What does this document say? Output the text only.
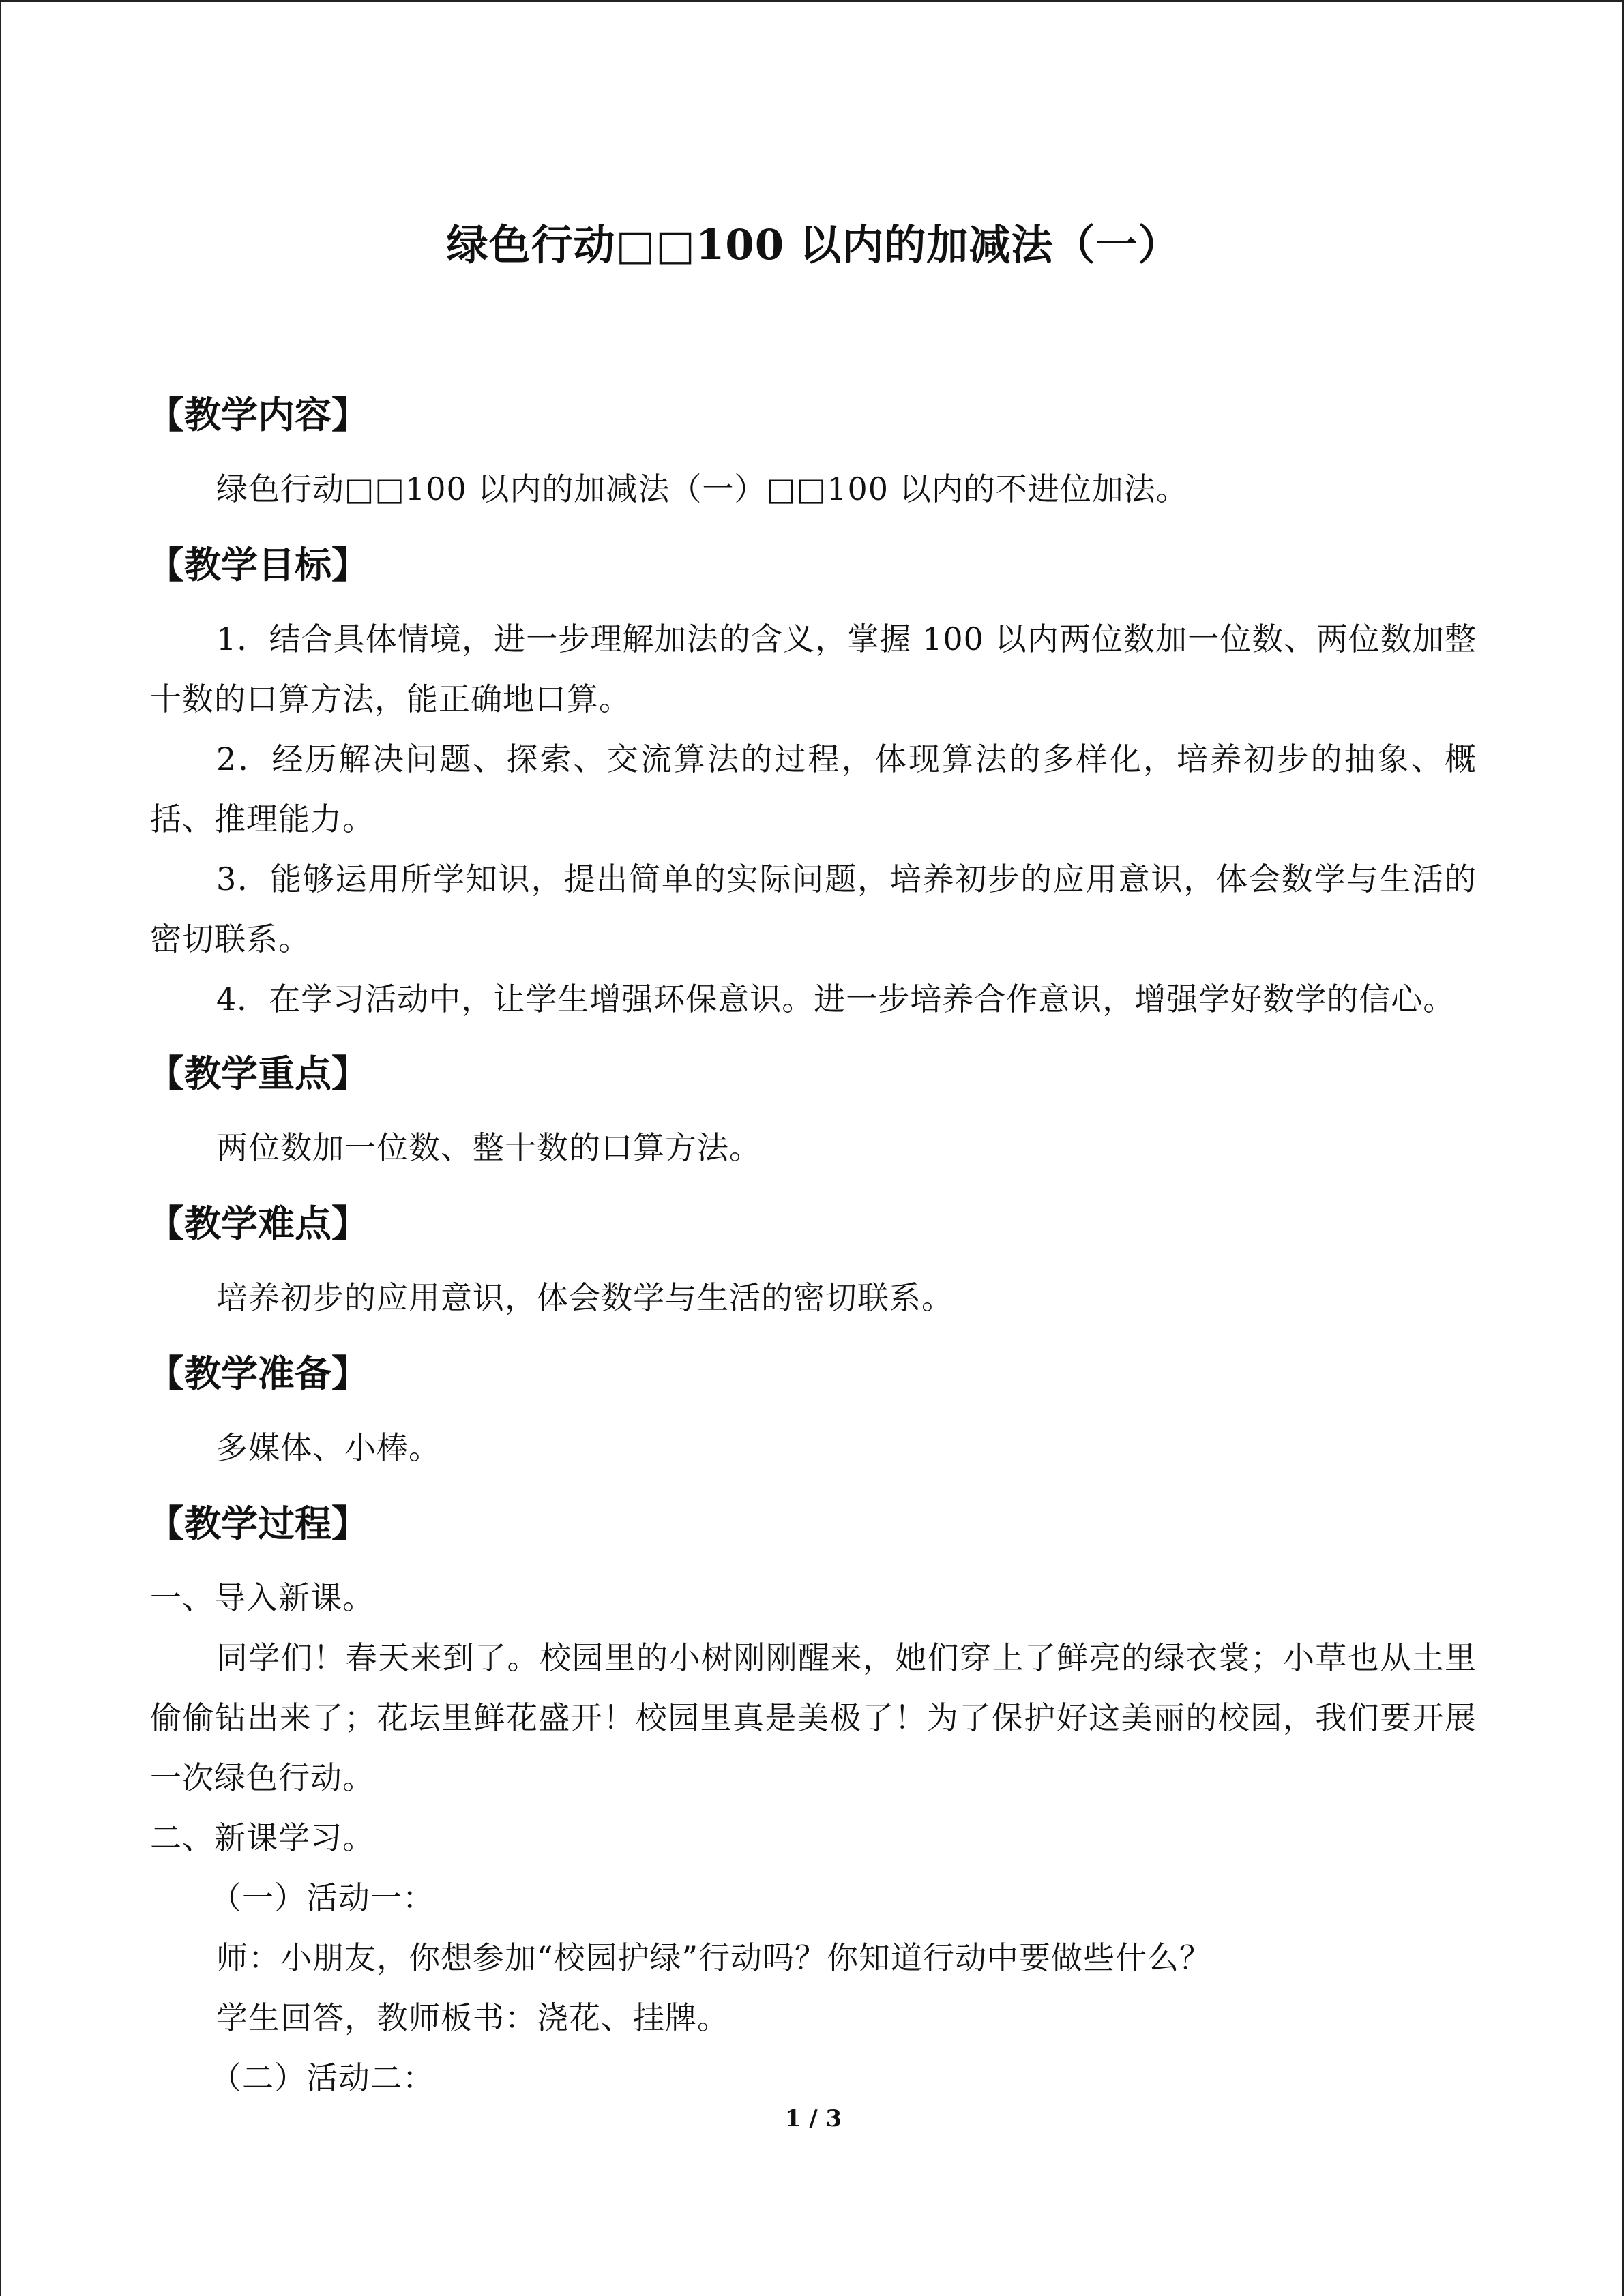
绿色行动□□100 以内的加减法（一）
【教学内容】
绿色行动□□100 以内的加减法（一）□□100 以内的不进位加法。
【教学目标】
1．结合具体情境，进一步理解加法的含义，掌握 100 以内两位数加一位数、两位数加整十数的口算方法，能正确地口算。
2．经历解决问题、探索、交流算法的过程，体现算法的多样化，培养初步的抽象、概括、推理能力。
3．能够运用所学知识，提出简单的实际问题，培养初步的应用意识，体会数学与生活的密切联系。
4．在学习活动中，让学生增强环保意识。进一步培养合作意识，增强学好数学的信心。
【教学重点】
两位数加一位数、整十数的口算方法。
【教学难点】
培养初步的应用意识，体会数学与生活的密切联系。
【教学准备】
多媒体、小棒。
【教学过程】
一、导入新课。
同学们！春天来到了。校园里的小树刚刚醒来，她们穿上了鲜亮的绿衣裳；小草也从土里偷偷钻出来了；花坛里鲜花盛开！校园里真是美极了！为了保护好这美丽的校园，我们要开展一次绿色行动。
二、新课学习。
（一）活动一：
师：小朋友，你想参加“校园护绿”行动吗？你知道行动中要做些什么？
学生回答，教师板书：浇花、挂牌。
（二）活动二：
1 / 3
